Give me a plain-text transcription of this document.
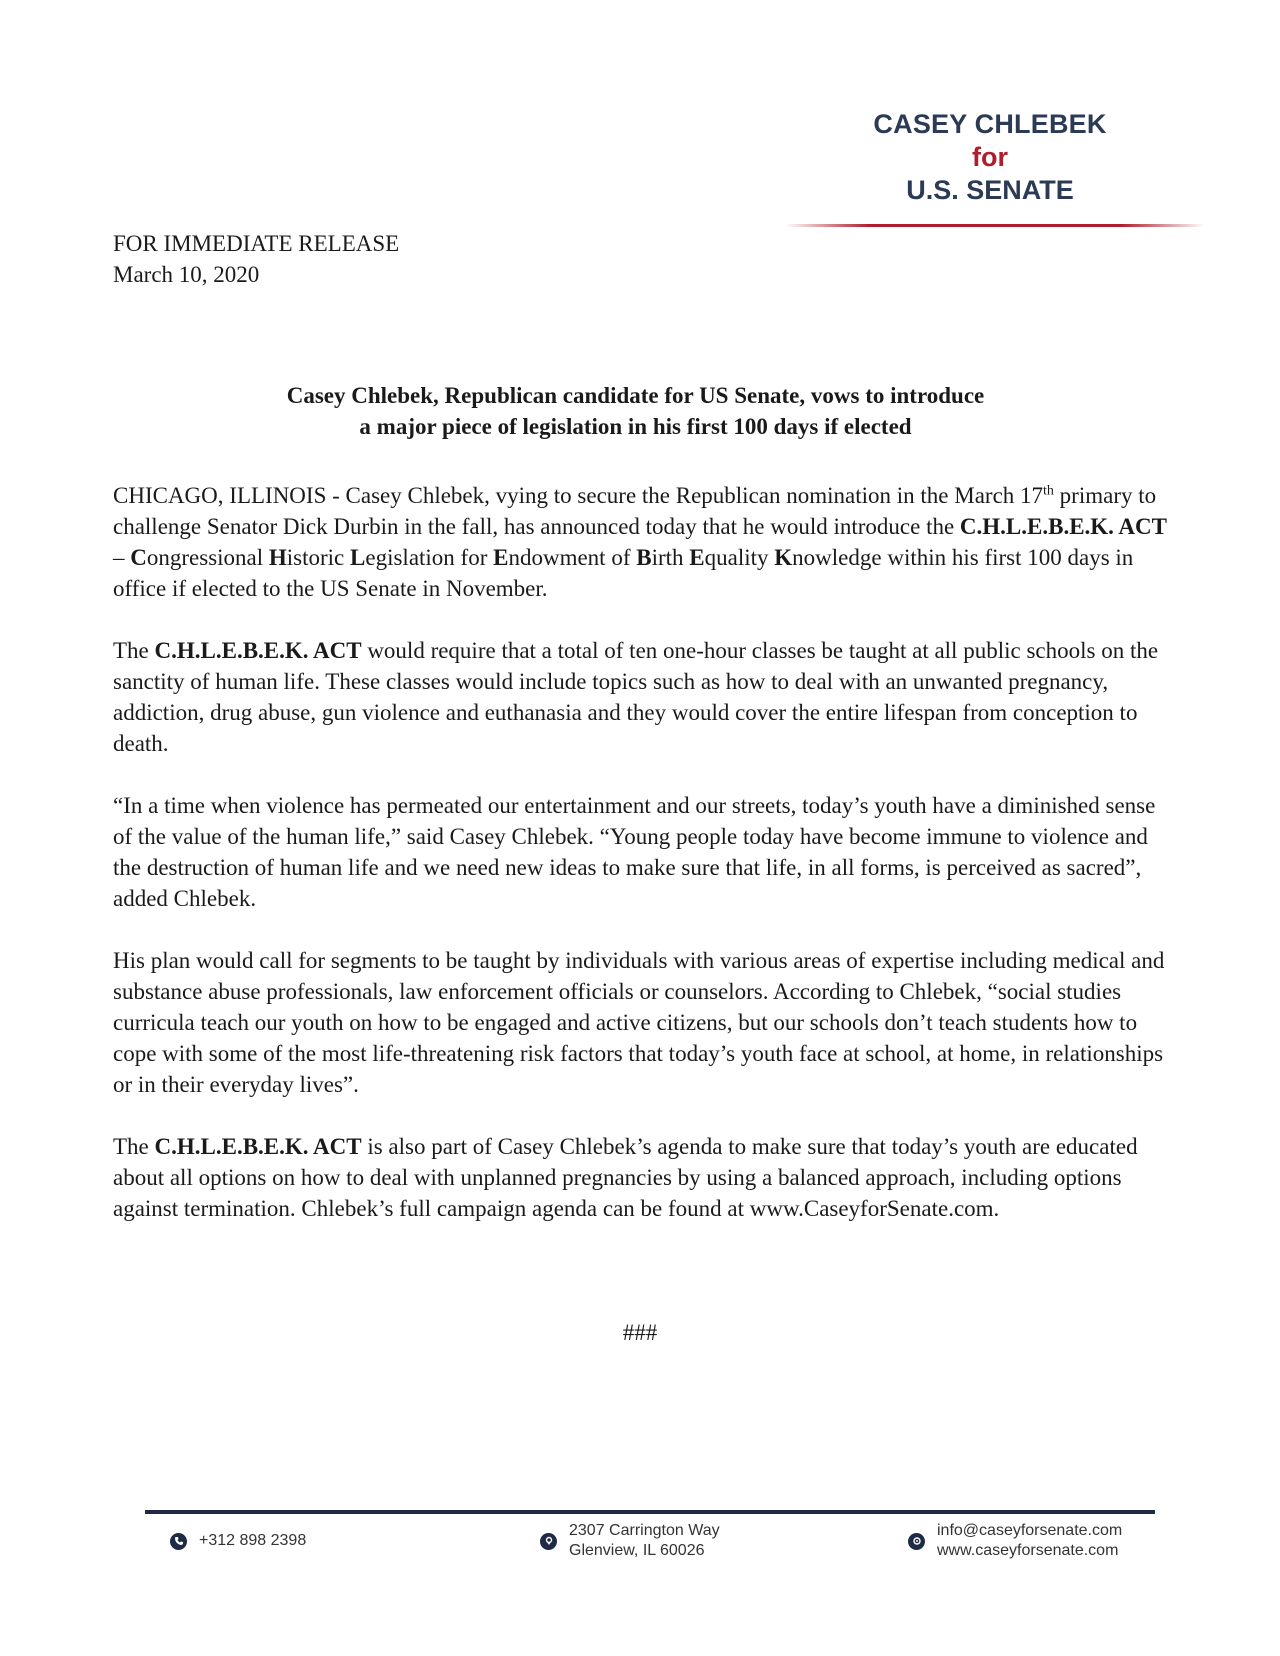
CASEY CHLEBEK
for
U.S. SENATE
FOR IMMEDIATE RELEASE
March 10, 2020
Casey Chlebek, Republican candidate for US Senate, vows to introduce
a major piece of legislation in his first 100 days if elected

CHICAGO, ILLINOIS - Casey Chlebek, vying to secure the Republican nomination in the March 17th primary to challenge Senator Dick Durbin in the fall, has announced today that he would introduce the C.H.L.E.B.E.K. ACT – Congressional Historic Legislation for Endowment of Birth Equality Knowledge within his first 100 days in office if elected to the US Senate in November.

The C.H.L.E.B.E.K. ACT would require that a total of ten one-hour classes be taught at all public schools on the sanctity of human life. These classes would include topics such as how to deal with an unwanted pregnancy, addiction, drug abuse, gun violence and euthanasia and they would cover the entire lifespan from conception to death.

“In a time when violence has permeated our entertainment and our streets, today’s youth have a diminished sense of the value of the human life,” said Casey Chlebek. “Young people today have become immune to violence and the destruction of human life and we need new ideas to make sure that life, in all forms, is perceived as sacred”, added Chlebek.

His plan would call for segments to be taught by individuals with various areas of expertise including medical and substance abuse professionals, law enforcement officials or counselors. According to Chlebek, “social studies curricula teach our youth on how to be engaged and active citizens, but our schools don’t teach students how to cope with some of the most life-threatening risk factors that today’s youth face at school, at home, in relationships or in their everyday lives”.

The C.H.L.E.B.E.K. ACT is also part of Casey Chlebek’s agenda to make sure that today’s youth are educated about all options on how to deal with unplanned pregnancies by using a balanced approach, including options against termination. Chlebek’s full campaign agenda can be found at www.CaseyforSenate.com.

###
+312 898 2398
2307 Carrington Way
Glenview, IL 60026
info@caseyforsenate.com
www.caseyforsenate.com
